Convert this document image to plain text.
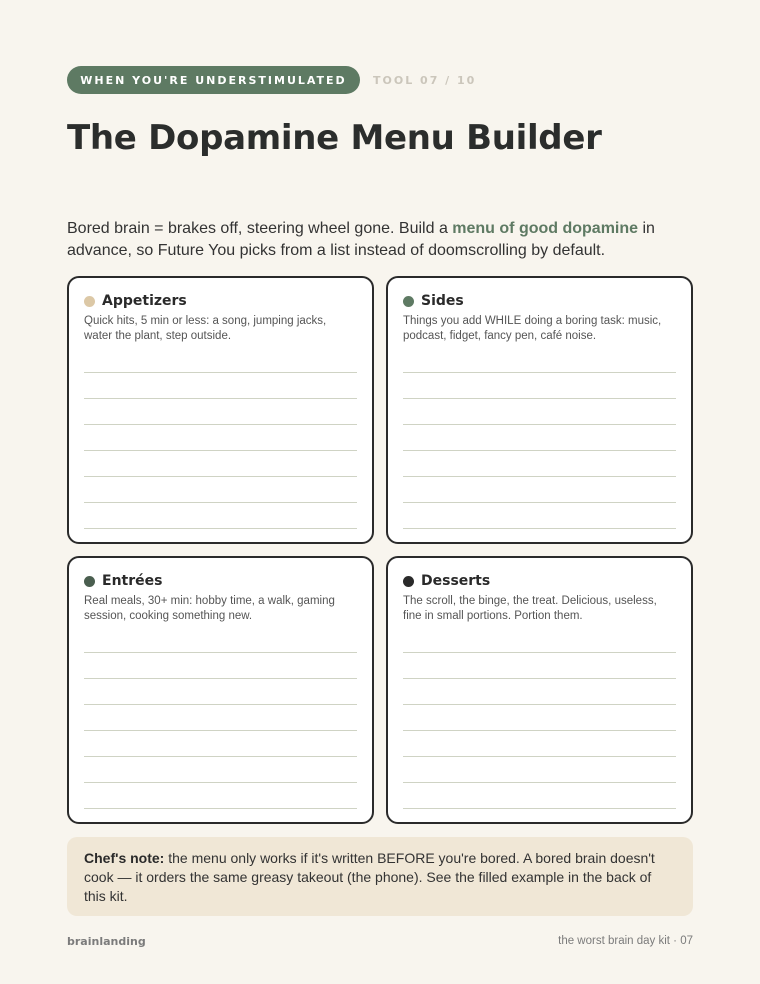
WHEN YOU'RE UNDERSTIMULATED	TOOL 07 / 10
The Dopamine Menu Builder

Bored brain = brakes off, steering wheel gone. Build a menu of good dopamine in advance, so Future You picks from a list instead of doomscrolling by default.

Appetizers

Quick hits, 5 min or less: a song, jumping jacks, water the plant, step outside.

Sides

Things you add WHILE doing a boring task: music, podcast, fidget, fancy pen, café noise.

Entrées

Real meals, 30+ min: hobby time, a walk, gaming session, cooking something new.

Desserts

The scroll, the binge, the treat. Delicious, useless, fine in small portions. Portion them.

Chef's note: the menu only works if it's written BEFORE you're bored. A bored brain doesn't cook — it orders the same greasy takeout (the phone). See the filled example in the back of this kit.
brainlanding	the worst brain day kit · 07
